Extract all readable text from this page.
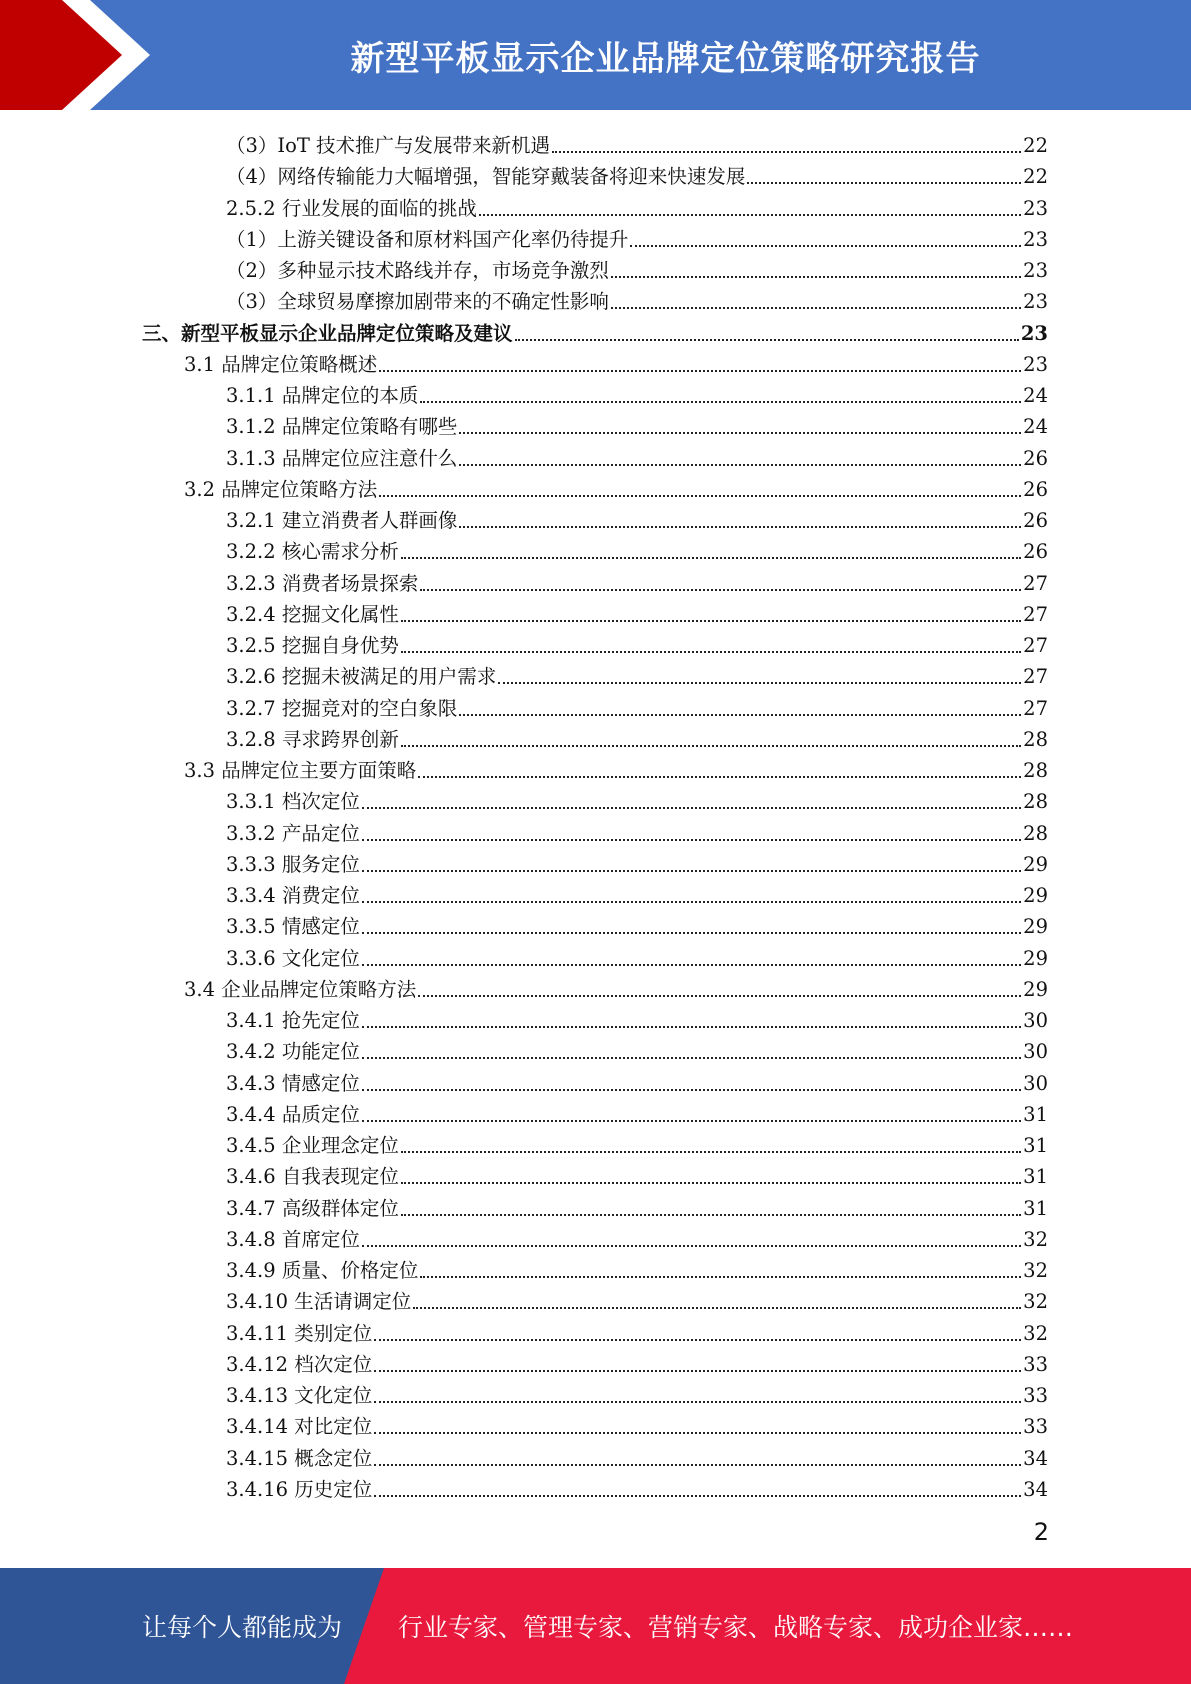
新型平板显示企业品牌定位策略研究报告
（3）IoT 技术推广与发展带来新机遇	22
（4）网络传输能力大幅增强，智能穿戴装备将迎来快速发展	22
2.5.2 行业发展的面临的挑战	23
（1）上游关键设备和原材料国产化率仍待提升	23
（2）多种显示技术路线并存，市场竞争激烈	23
（3）全球贸易摩擦加剧带来的不确定性影响	23
三、新型平板显示企业品牌定位策略及建议	23
3.1 品牌定位策略概述	23
3.1.1 品牌定位的本质	24
3.1.2 品牌定位策略有哪些	24
3.1.3 品牌定位应注意什么	26
3.2 品牌定位策略方法	26
3.2.1 建立消费者人群画像	26
3.2.2 核心需求分析	26
3.2.3 消费者场景探索	27
3.2.4 挖掘文化属性	27
3.2.5 挖掘自身优势	27
3.2.6 挖掘未被满足的用户需求	27
3.2.7 挖掘竞对的空白象限	27
3.2.8 寻求跨界创新	28
3.3 品牌定位主要方面策略	28
3.3.1 档次定位	28
3.3.2 产品定位	28
3.3.3 服务定位	29
3.3.4 消费定位	29
3.3.5 情感定位	29
3.3.6 文化定位	29
3.4 企业品牌定位策略方法	29
3.4.1 抢先定位	30
3.4.2 功能定位	30
3.4.3 情感定位	30
3.4.4 品质定位	31
3.4.5 企业理念定位	31
3.4.6 自我表现定位	31
3.4.7 高级群体定位	31
3.4.8 首席定位	32
3.4.9 质量、价格定位	32
3.4.10 生活请调定位	32
3.4.11 类别定位	32
3.4.12 档次定位	33
3.4.13 文化定位	33
3.4.14 对比定位	33
3.4.15 概念定位	34
3.4.16 历史定位	34
2
让每个人都能成为 行业专家、管理专家、营销专家、战略专家、成功企业家……
